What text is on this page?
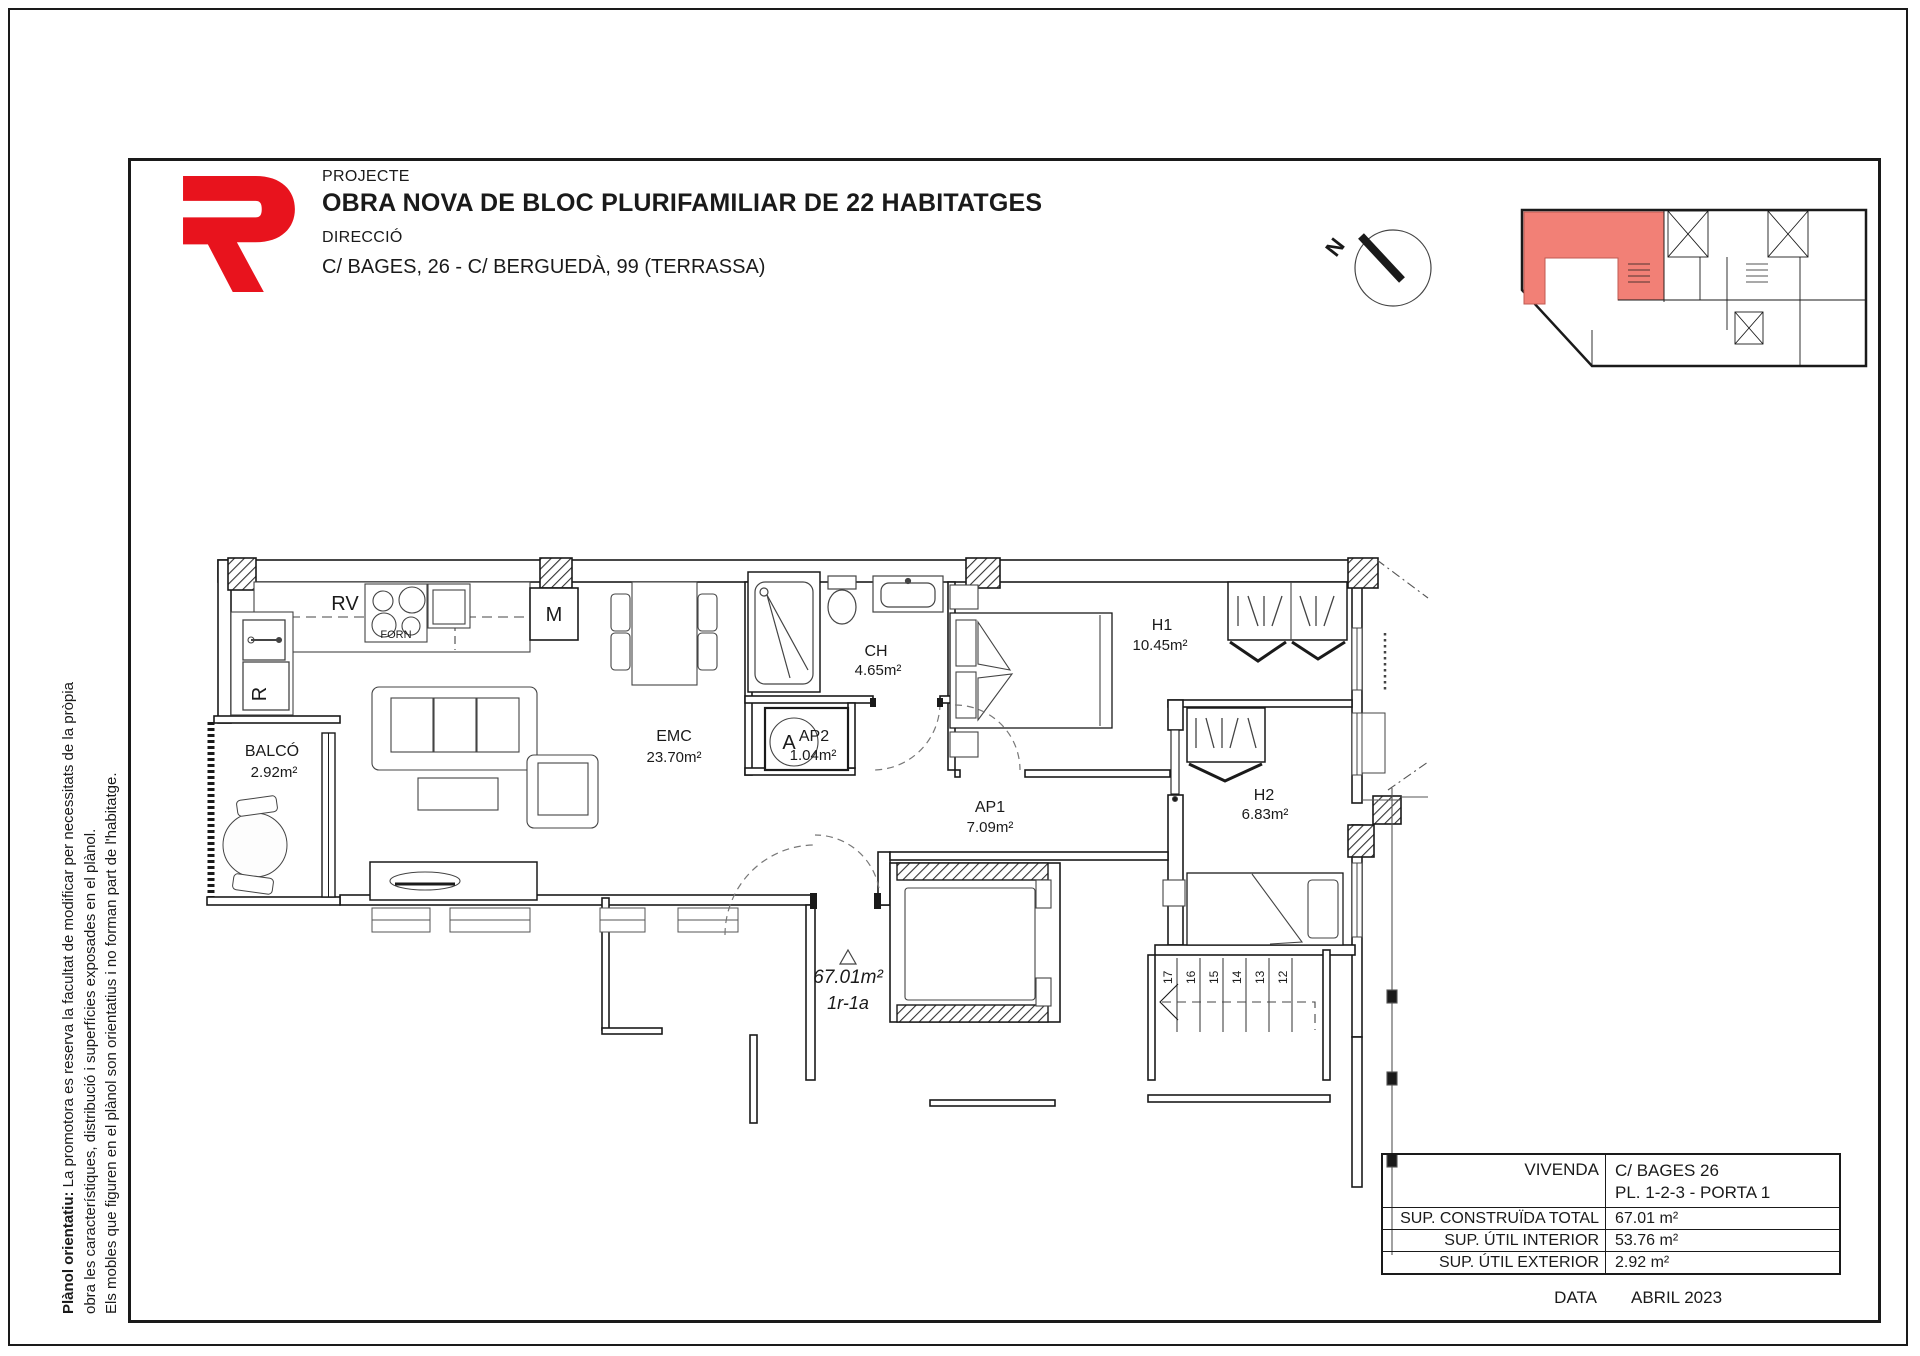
PROJECTE
OBRA NOVA DE BLOC PLURIFAMILIAR DE 22 HABITATGES
DIRECCIÓ
C/ BAGES, 26 - C/ BERGUEDÀ, 99 (TERRASSA)
N
RV
FORN
M
R
A
17 16 15 14 13 12
EMC
23.70m²
CH
4.65m²
AP2
1.04m²
AP1
7.09m²
H1
10.45m²
H2
6.83m²
BALCÓ
2.92m²
67.01m²
1r-1a
VIVENDA C/ BAGES 26
PL. 1-2-3 - PORTA 1
SUP. CONSTRUÏDA TOTAL	67.01 m²
SUP. ÚTIL INTERIOR	53.76 m²
SUP. ÚTIL EXTERIOR	2.92 m²
DATA	ABRIL 2023
Plànol orientatiu: La promotora es reserva la facultat de modificar per necessitats de la pròpia obra les característiques, distribució i superfícies exposades en el plànol. Els mobles que figuren en el plànol son orientatius i no forman part de l'habitatge.
